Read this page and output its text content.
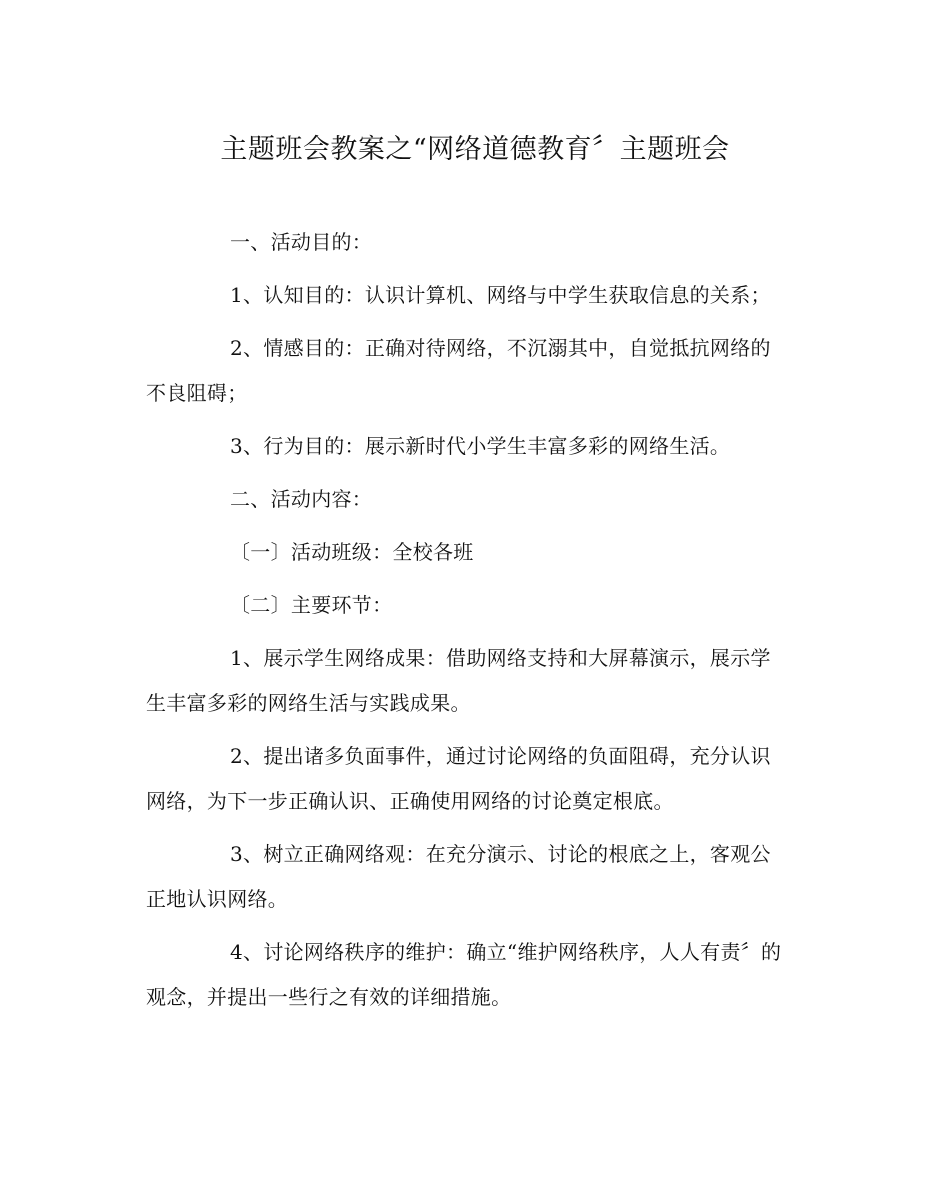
主题班会教案之“网络道德教育〞主题班会

一、活动目的：

1、认知目的：认识计算机、网络与中学生获取信息的关系；

2、情感目的：正确对待网络，不沉溺其中，自觉抵抗网络的不良阻碍；

3、行为目的：展示新时代小学生丰富多彩的网络生活。

二、活动内容：

〔一〕活动班级：全校各班

〔二〕主要环节：

1、展示学生网络成果：借助网络支持和大屏幕演示，展示学生丰富多彩的网络生活与实践成果。

2、提出诸多负面事件，通过讨论网络的负面阻碍，充分认识网络，为下一步正确认识、正确使用网络的讨论奠定根底。

3、树立正确网络观：在充分演示、讨论的根底之上，客观公正地认识网络。

4、讨论网络秩序的维护：确立“维护网络秩序，人人有责〞的观念，并提出一些行之有效的详细措施。
